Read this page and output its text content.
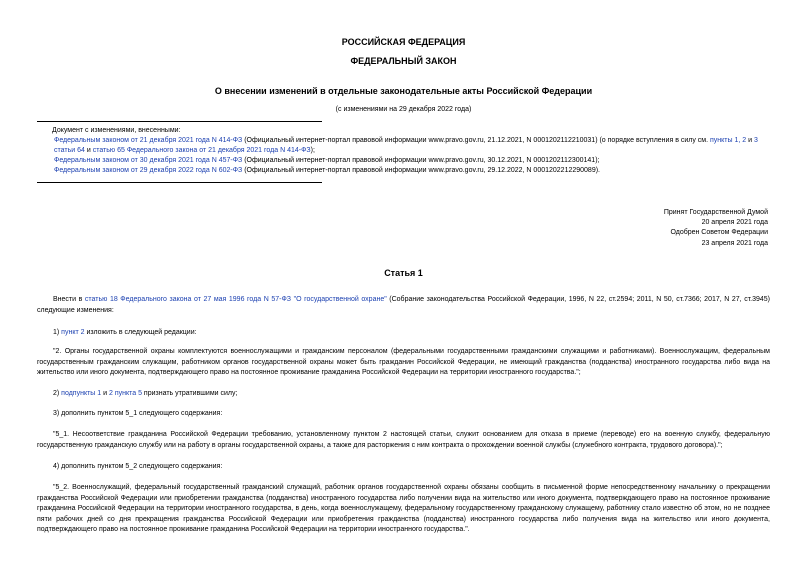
РОССИЙСКАЯ ФЕДЕРАЦИЯ
ФЕДЕРАЛЬНЫЙ ЗАКОН
О внесении изменений в отдельные законодательные акты Российской Федерации
(с изменениями на 29 декабря 2022 года)
Документ с изменениями, внесенными:
Федеральным законом от 21 декабря 2021 года N 414-ФЗ (Официальный интернет-портал правовой информации www.pravo.gov.ru, 21.12.2021, N 0001202112210031) (о порядке вступления в силу см. пункты 1, 2 и 3 статьи 64 и статью 65 Федерального закона от 21 декабря 2021 года N 414-ФЗ);
Федеральным законом от 30 декабря 2021 года N 457-ФЗ (Официальный интернет-портал правовой информации www.pravo.gov.ru, 30.12.2021, N 0001202112300141);
Федеральным законом от 29 декабря 2022 года N 602-ФЗ (Официальный интернет-портал правовой информации www.pravo.gov.ru, 29.12.2022, N 0001202212290089).
Принят Государственной Думой
20 апреля 2021 года
Одобрен Советом Федерации
23 апреля 2021 года
Статья 1
Внести в статью 18 Федерального закона от 27 мая 1996 года N 57-ФЗ "О государственной охране" (Собрание законодательства Российской Федерации, 1996, N 22, ст.2594; 2011, N 50, ст.7366; 2017, N 27, ст.3945) следующие изменения:
1) пункт 2 изложить в следующей редакции:
"2. Органы государственной охраны комплектуются военнослужащими и гражданским персоналом (федеральными государственными гражданскими служащими и работниками). Военнослужащим, федеральным государственным гражданским служащим, работником органов государственной охраны может быть гражданин Российской Федерации, не имеющий гражданства (подданства) иностранного государства либо вида на жительство или иного документа, подтверждающего право на постоянное проживание гражданина Российской Федерации на территории иностранного государства.";
2) подпункты 1 и 2 пункта 5 признать утратившими силу;
3) дополнить пунктом 5_1 следующего содержания:
"5_1. Несоответствие гражданина Российской Федерации требованию, установленному пунктом 2 настоящей статьи, служит основанием для отказа в приеме (переводе) его на военную службу, федеральную государственную гражданскую службу или на работу в органы государственной охраны, а также для расторжения с ним контракта о прохождении военной службы (служебного контракта, трудового договора).";
4) дополнить пунктом 5_2 следующего содержания:
"5_2. Военнослужащий, федеральный государственный гражданский служащий, работник органов государственной охраны обязаны сообщить в письменной форме непосредственному начальнику о прекращении гражданства Российской Федерации или приобретении гражданства (подданства) иностранного государства либо получении вида на жительство или иного документа, подтверждающего право на постоянное проживание гражданина Российской Федерации на территории иностранного государства, в день, когда военнослужащему, федеральному государственному гражданскому служащему, работнику стало известно об этом, но не позднее пяти рабочих дней со дня прекращения гражданства Российской Федерации или приобретения гражданства (подданства) иностранного государства либо получения вида на жительство или иного документа, подтверждающего право на постоянное проживание гражданина Российской Федерации на территории иностранного государства.".
